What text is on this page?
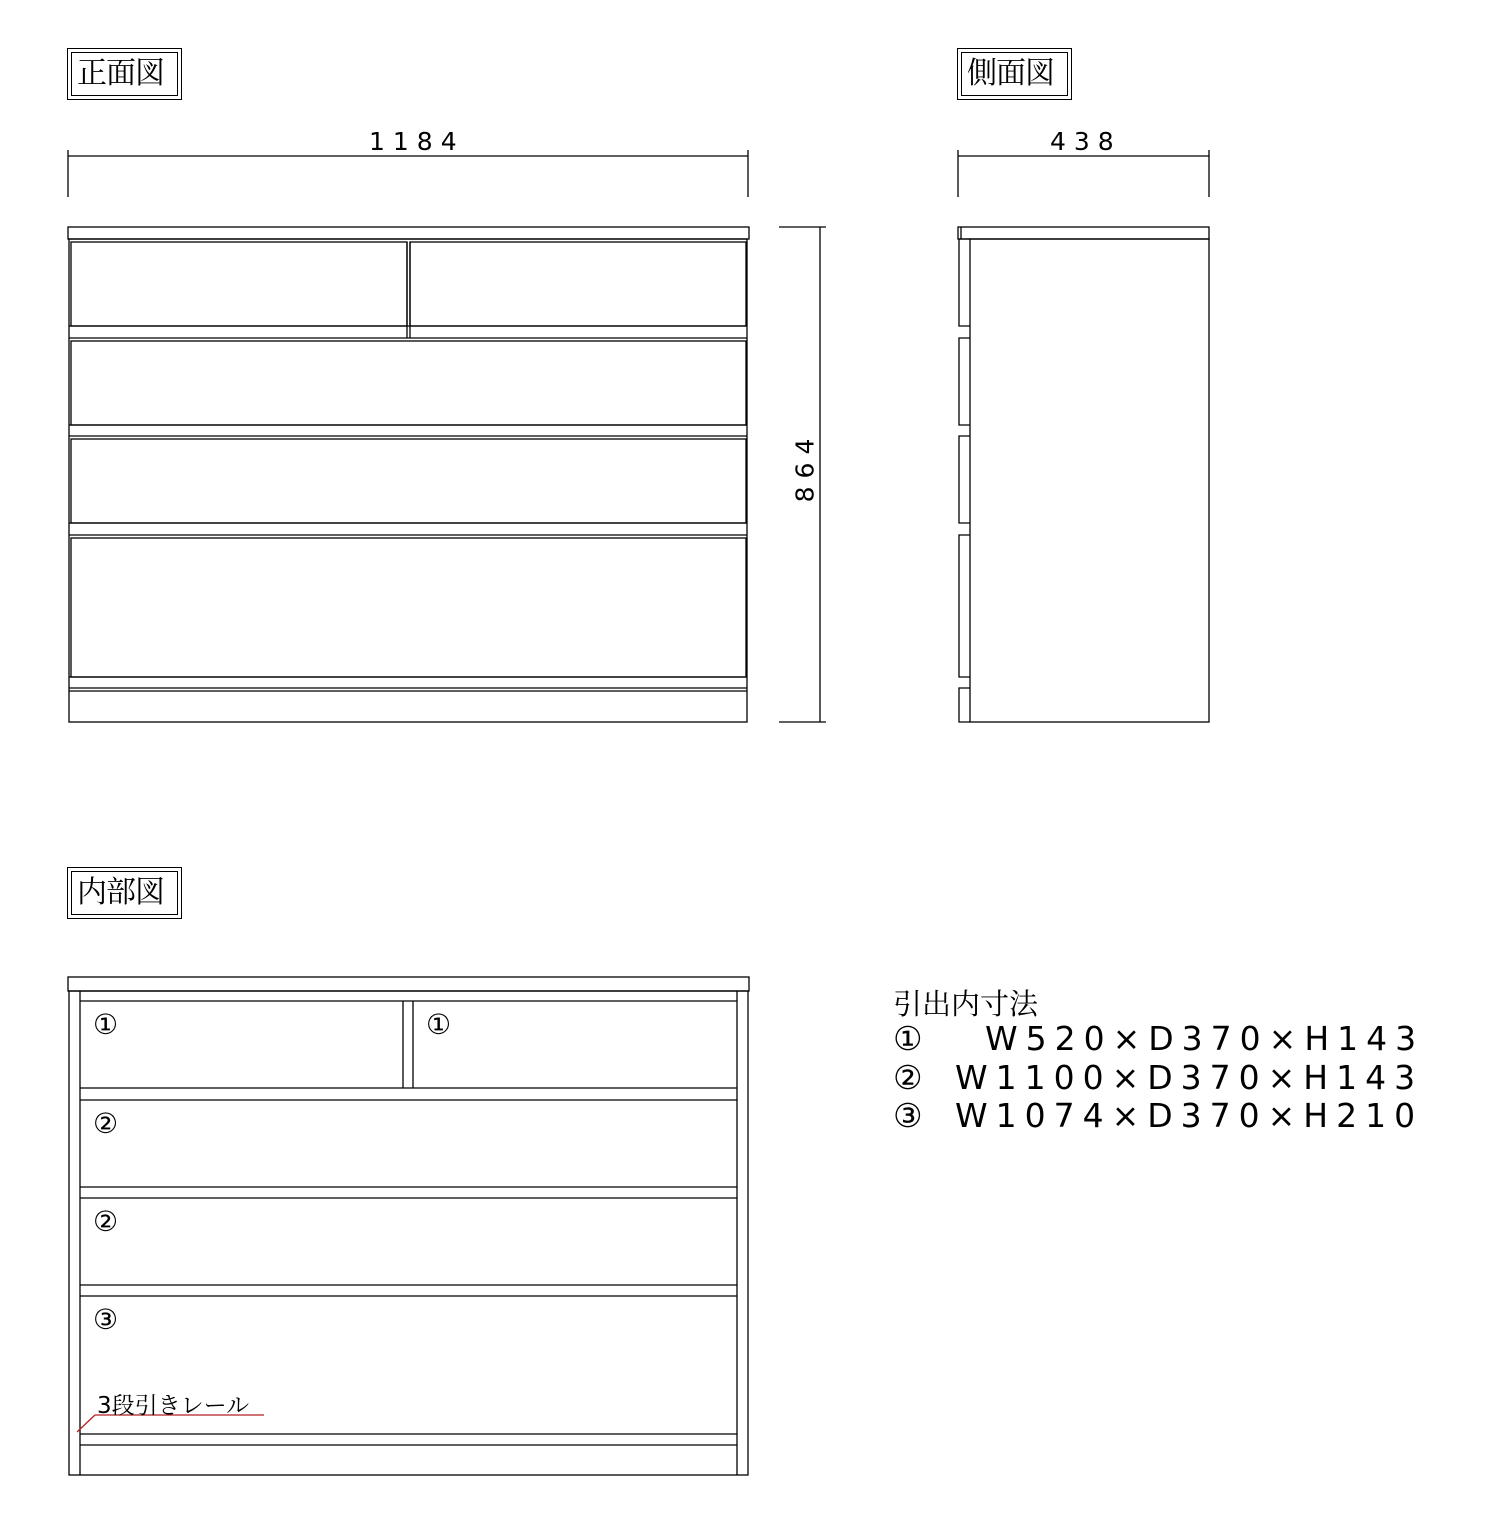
正面図	側面図
内部図
1184	438
864
①	①
②
②
③
3段引きレール
引出内寸法
① W520×D370×H143
② W1100×D370×H143
③ W1074×D370×H210
